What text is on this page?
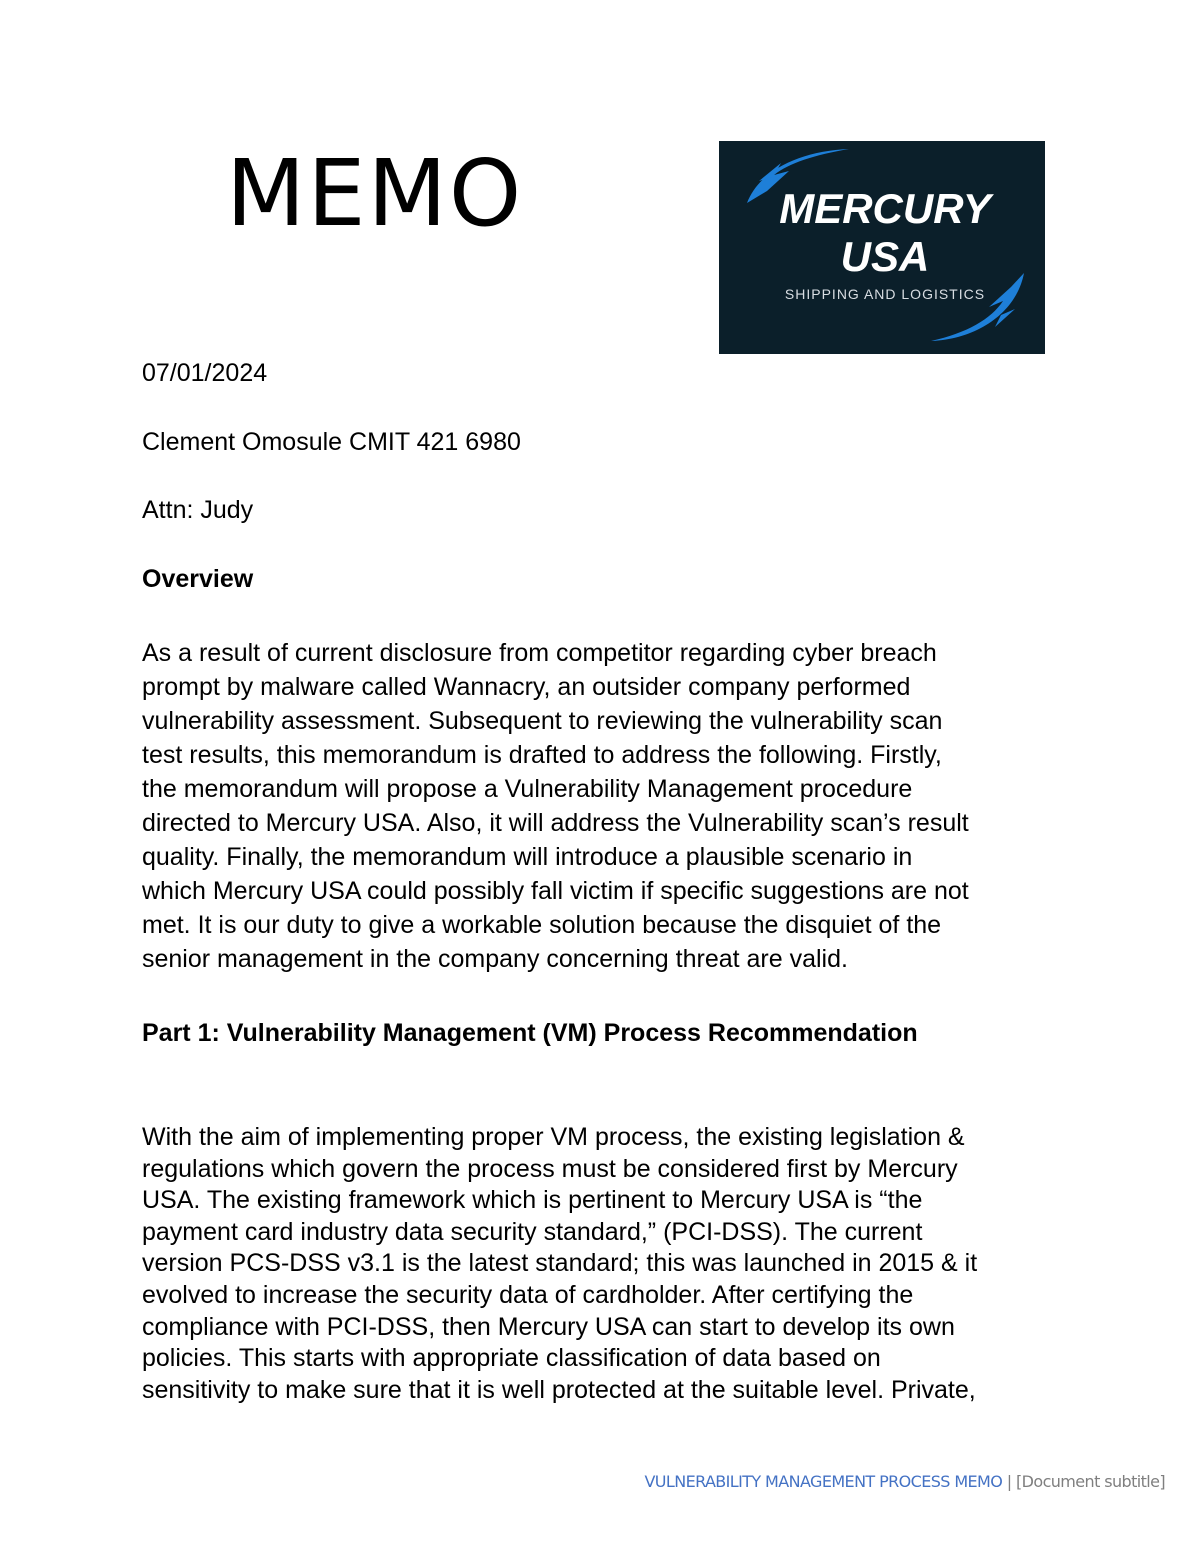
MEMO	MERCURY
USA
SHIPPING AND LOGISTICS

07/01/2024

Clement Omosule CMIT 421 6980

Attn: Judy

Overview

As a result of current disclosure from competitor regarding cyber breach
prompt by malware called Wannacry, an outsider company performed
vulnerability assessment. Subsequent to reviewing the vulnerability scan
test results, this memorandum is drafted to address the following. Firstly,
the memorandum will propose a Vulnerability Management procedure
directed to Mercury USA. Also, it will address the Vulnerability scan’s result
quality. Finally, the memorandum will introduce a plausible scenario in
which Mercury USA could possibly fall victim if specific suggestions are not
met. It is our duty to give a workable solution because the disquiet of the
senior management in the company concerning threat are valid.

Part 1: Vulnerability Management (VM) Process Recommendation

With the aim of implementing proper VM process, the existing legislation &
regulations which govern the process must be considered first by Mercury
USA. The existing framework which is pertinent to Mercury USA is “the
payment card industry data security standard,” (PCI-DSS). The current
version PCS-DSS v3.1 is the latest standard; this was launched in 2015 & it
evolved to increase the security data of cardholder. After certifying the
compliance with PCI-DSS, then Mercury USA can start to develop its own
policies. This starts with appropriate classification of data based on
sensitivity to make sure that it is well protected at the suitable level. Private,

VULNERABILITY MANAGEMENT PROCESS MEMO | [Document subtitle]
